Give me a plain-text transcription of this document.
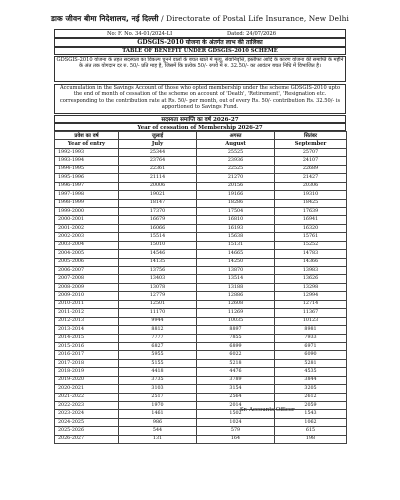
डाक जीवन बीमा निदेशालय, नई दिल्ली / Directorate of Postal Life Insurance, New Delhi
No: F. No. 34-01/2024-LI	Dated: 24/07/2026
GDSGIS-2010 योजना के अंतर्गत लाभ की तालिका
TABLE OF BENEFIT UNDER GDSGIS-2010 SCHEME
GDSGIS-2010 योजना के तहत सदस्यता का विकल्प चुनने वालों के बचत खाते में मृत्यु, सेवानिवृत्ति, इस्तीफा आदि के कारण योजना की समाप्ति के महीने के अंत तक योगदान दर रु. 50/- प्रति माह है, जिसमें कि प्रत्येक 50/- रुपये में रु. 32.50/- का आवंटन बचत निधि में विभाजित है।
Accumulation in the Savings Account of those who opted membership under the scheme GDSGIS-2010 upto the end of month of cessation of the scheme on account of 'Death', 'Retirement', 'Resignation etc. corresponding to the contribution rate at Rs. 50/- per month, out of every Rs. 50/- contribution Rs. 32.50/- is apportioned to Savings Fund.
सदस्यता समाप्ति का वर्ष 2026-27
Year of cessation of Membership 2026-27
प्रवेश का वर्ष	जुलाई	अगस्त	सितंबर
Year of entry	July	August	September
1992-1993	25344	25525	25707
1993-1994	23764	23936	24107
1994-1995	22361	22525	22689
1995-1996	21114	21270	21427
1996-1997	20006	20156	20306
1997-1998	19021	19166	19310
1998-1999	18147	18286	18425
1999-2000	17370	17504	17639
2000-2001	16679	16810	16941
2001-2002	16066	16193	16320
2002-2003	15514	15638	15761
2003-2004	15010	15131	15252
2004-2005	14546	14665	14783
2005-2006	14135	14250	14366
2006-2007	13756	13870	13983
2007-2008	13403	13514	13626
2008-2009	13078	13188	13298
2009-2010	12779	12886	12994
2010-2011	12501	12608	12714
2011-2012	11170	11269	11367
2012-2013	9944	10035	10123
2013-2014	8812	8897	8981
2014-2015	7777	7855	7933
2015-2016	6827	6899	6971
2016-2017	5955	6022	6090
2017-2018	5155	5218	5281
2018-2019	4418	4476	4535
2019-2020	3735	3789	3844
2020-2021	3103	3154	3205
2021-2022	2517	2564	2612
2022-2023	1970	2014	2059
2023-2024	1461	1502	1543
2024-2025	986	1024	1062
2025-2026	544	579	615
2026-2027	131	164	198
Sr. Accounts Officer
